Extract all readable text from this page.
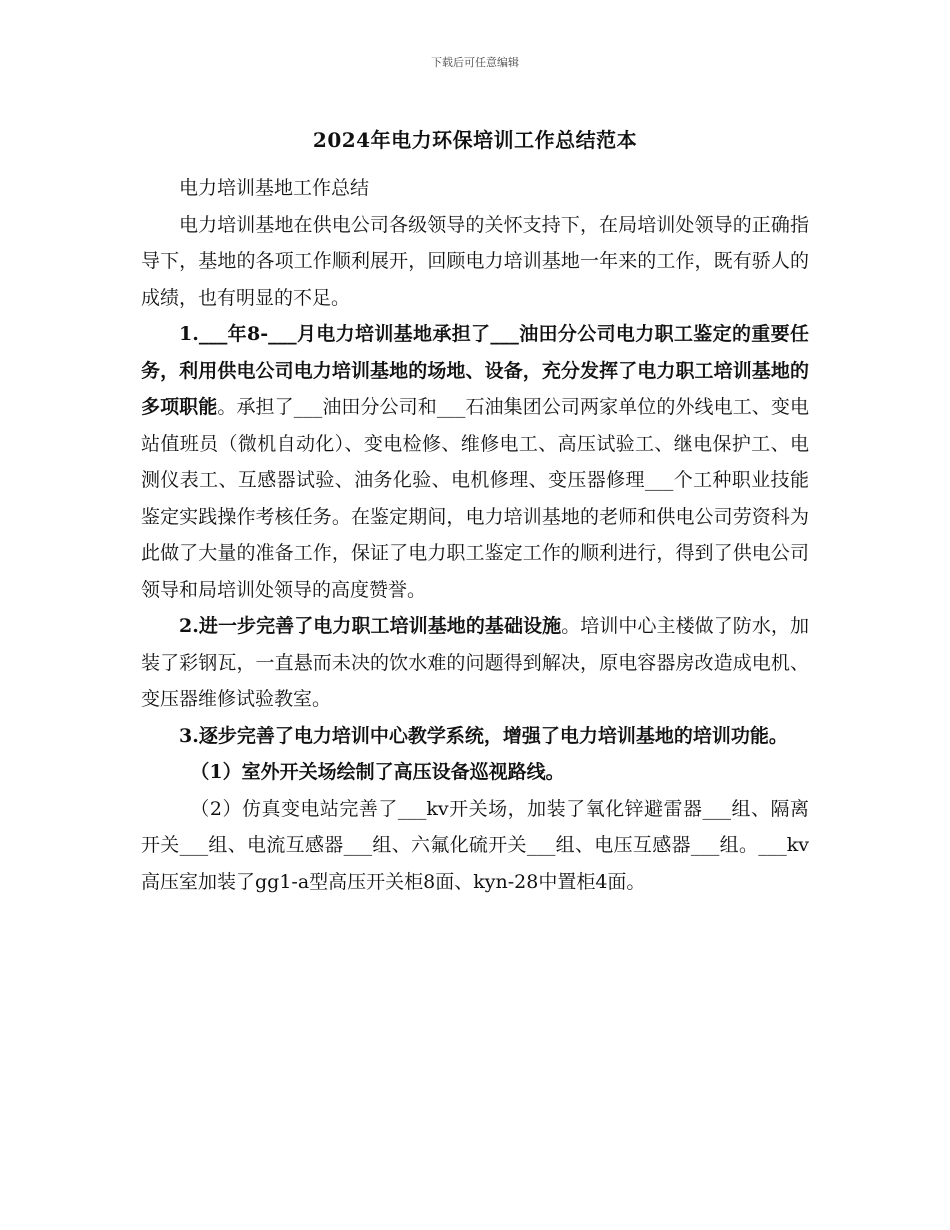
下载后可任意编辑
2024年电力环保培训工作总结范本

电力培训基地工作总结

电力培训基地在供电公司各级领导的关怀支持下，在局培训处领导的正确指导下，基地的各项工作顺利展开，回顾电力培训基地一年来的工作，既有骄人的成绩，也有明显的不足。

1.___年8-___月电力培训基地承担了___油田分公司电力职工鉴定的重要任务，利用供电公司电力培训基地的场地、设备，充分发挥了电力职工培训基地的多项职能。承担了___油田分公司和___石油集团公司两家单位的外线电工、变电站值班员（微机自动化）、变电检修、维修电工、高压试验工、继电保护工、电测仪表工、互感器试验、油务化验、电机修理、变压器修理___个工种职业技能鉴定实践操作考核任务。在鉴定期间，电力培训基地的老师和供电公司劳资科为此做了大量的准备工作，保证了电力职工鉴定工作的顺利进行，得到了供电公司领导和局培训处领导的高度赞誉。

2.进一步完善了电力职工培训基地的基础设施。培训中心主楼做了防水，加装了彩钢瓦，一直悬而未决的饮水难的问题得到解决，原电容器房改造成电机、变压器维修试验教室。

3.逐步完善了电力培训中心教学系统，增强了电力培训基地的培训功能。

（1）室外开关场绘制了高压设备巡视路线。

（2）仿真变电站完善了___kv开关场，加装了氧化锌避雷器___组、隔离开关___组、电流互感器___组、六氟化硫开关___组、电压互感器___组。___kv高压室加装了gg1-a型高压开关柜8面、kyn-28中置柜4面。
